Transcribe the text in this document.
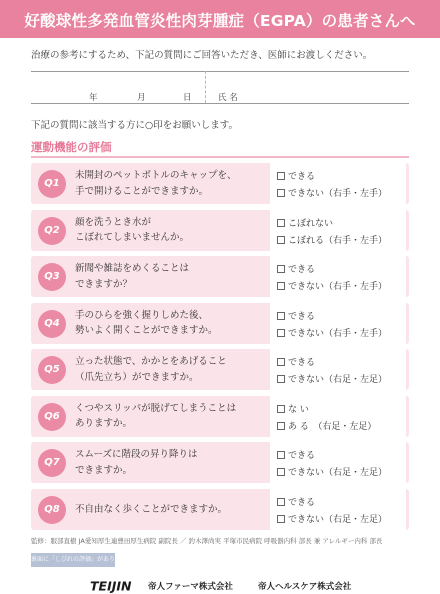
好酸球性多発血管炎性肉芽腫症（EGPA）の患者さんへ
治療の参考にするため、下記の質問にご回答いただき、医師にお渡しください。
年	月	日	氏 名
下記の質問に該当する方に○印をお願いします。
運動機能の評価
Q1
未開封のペットボトルのキャップを、
手で開けることができますか。
できる
できない（右手・左手）
Q2
顔を洗うとき水が
こぼれてしまいませんか。
こぼれない
こぼれる（右手・左手）
Q3
新聞や雑誌をめくることは
できますか？
できる
できない（右手・左手）
Q4
手のひらを強く握りしめた後、
勢いよく開くことができますか。
できる
できない（右手・左手）
Q5
立った状態で、かかとをあげること
（爪先立ち）ができますか。
できる
できない（右足・左足）
Q6
くつやスリッパが脱げてしまうことは
ありますか。
な い
あ る　（右足・左足）
Q7
スムーズに階段の昇り降りは
できますか。
できる
できない（右足・左足）
Q8	不自由なく歩くことができますか。
できる
できない（右足・左足）
監修：服部直樹 JA愛知厚生連豊田厚生病院 副院長 ／ 釣木澤尚実 平塚市民病院 呼吸器内科 部長 兼 アレルギー内科 部長
裏面に「しびれの評価」があります。
TEIJIN 帝人ファーマ株式会社	帝人ヘルスケア株式会社
